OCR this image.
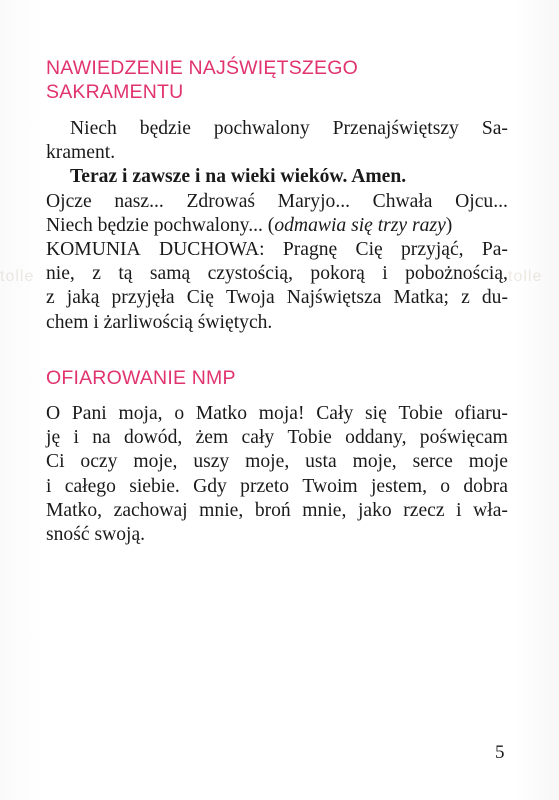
tolle	tolle
NAWIEDZENIE NAJŚWIĘTSZEGO
SAKRAMENTU
Niech będzie pochwalony Przenajświętszy Sa-
krament.
Teraz i zawsze i na wieki wieków. Amen.
Ojcze nasz... Zdrowaś Maryjo... Chwała Ojcu...
Niech będzie pochwalony... (odmawia się trzy razy)
KOMUNIA DUCHOWA: Pragnę Cię przyjąć, Pa-
nie, z tą samą czystością, pokorą i pobożnością,
z jaką przyjęła Cię Twoja Najświętsza Matka; z du-
chem i żarliwością świętych.
OFIAROWANIE NMP
O Pani moja, o Matko moja! Cały się Tobie ofiaru-
ję i na dowód, żem cały Tobie oddany, poświęcam
Ci oczy moje, uszy moje, usta moje, serce moje
i całego siebie. Gdy przeto Twoim jestem, o dobra
Matko, zachowaj mnie, broń mnie, jako rzecz i wła-
sność swoją.
5
